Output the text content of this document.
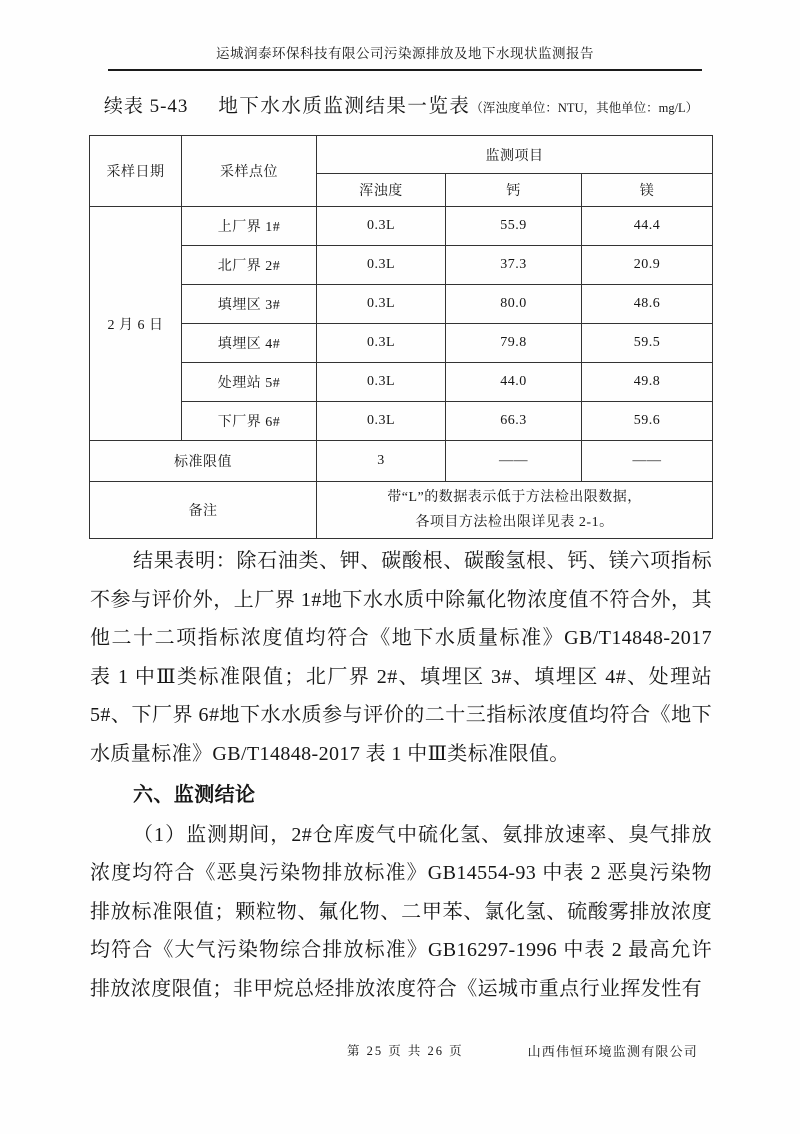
运城润泰环保科技有限公司污染源排放及地下水现状监测报告
续表 5-43 地下水水质监测结果一览表 （浑浊度单位：NTU，其他单位：mg/L）
采样日期	采样点位	监测项目		
		浑浊度	钙	镁
2 月 6 日	上厂界 1#	0.3L	55.9	44.4
	北厂界 2#	0.3L	37.3	20.9
	填埋区 3#	0.3L	80.0	48.6
	填埋区 4#	0.3L	79.8	59.5
	处理站 5#	0.3L	44.0	49.8
	下厂界 6#	0.3L	66.3	59.6
标准限值		3	——	——
备注		带“L”的数据表示低于方法检出限数据，
各项目方法检出限详见表 2-1。		

结果表明：除石油类、钾、碳酸根、碳酸氢根、钙、镁六项指标不参与评价外，上厂界 1#地下水水质中除氟化物浓度值不符合外，其他二十二项指标浓度值均符合《地下水质量标准》GB/T14848-2017 表 1 中Ⅲ类标准限值；北厂界 2#、填埋区 3#、填埋区 4#、处理站 5#、下厂界 6#地下水水质参与评价的二十三指标浓度值均符合《地下水质量标准》GB/T14848-2017 表 1 中Ⅲ类标准限值。

六、监测结论

（1）监测期间，2#仓库废气中硫化氢、氨排放速率、臭气排放浓度均符合《恶臭污染物排放标准》GB14554-93 中表 2 恶臭污染物排放标准限值；颗粒物、氟化物、二甲苯、氯化氢、硫酸雾排放浓度均符合《大气污染物综合排放标准》GB16297-1996 中表 2 最高允许排放浓度限值；非甲烷总烃排放浓度符合《运城市重点行业挥发性有

第 25 页 共 26 页	山西伟恒环境监测有限公司
